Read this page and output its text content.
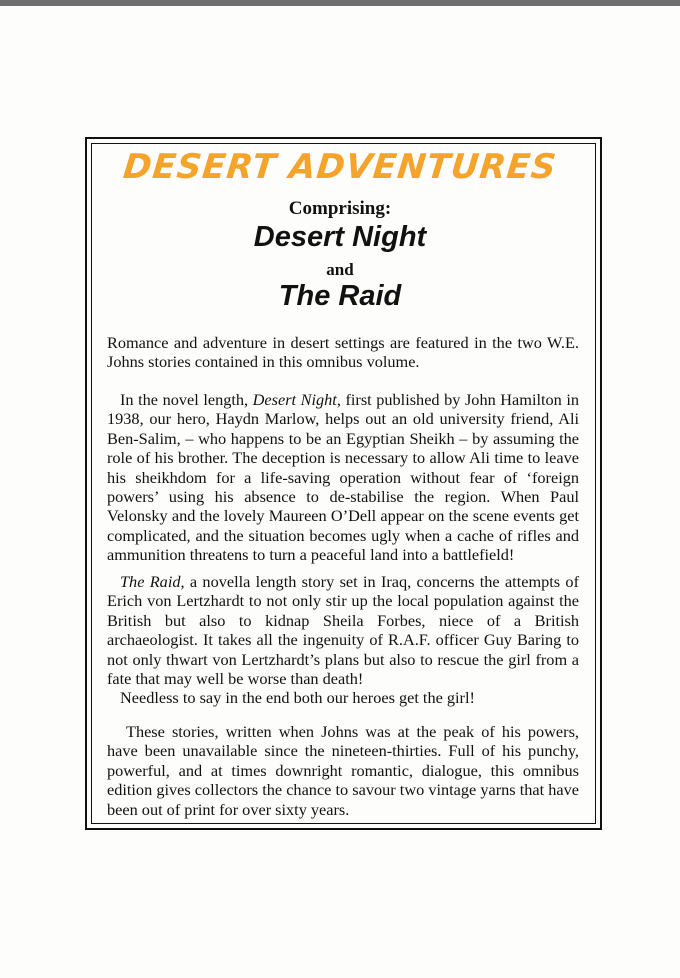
DESERT ADVENTURES
Comprising:
Desert Night
and
The Raid

Romance and adventure in desert settings are featured in the two W.E. Johns stories contained in this omnibus volume.

In the novel length, Desert Night, first published by John Hamilton in 1938, our hero, Haydn Marlow, helps out an old university friend, Ali Ben-Salim, – who happens to be an Egyptian Sheikh – by assuming the role of his brother. The deception is necessary to allow Ali time to leave his sheikhdom for a life-saving operation without fear of ‘foreign powers’ using his absence to de-stabilise the region. When Paul Velonsky and the lovely Maureen O’Dell appear on the scene events get complicated, and the situation becomes ugly when a cache of rifles and ammunition threatens to turn a peaceful land into a battlefield!

The Raid, a novella length story set in Iraq, concerns the attempts of Erich von Lertzhardt to not only stir up the local population against the British but also to kidnap Sheila Forbes, niece of a British archaeologist. It takes all the ingenuity of R.A.F. officer Guy Baring to not only thwart von Lertzhardt’s plans but also to rescue the girl from a fate that may well be worse than death!

Needless to say in the end both our heroes get the girl!

These stories, written when Johns was at the peak of his powers, have been unavailable since the nineteen-thirties. Full of his punchy, powerful, and at times downright romantic, dialogue, this omnibus edition gives collectors the chance to savour two vintage yarns that have been out of print for over sixty years.
